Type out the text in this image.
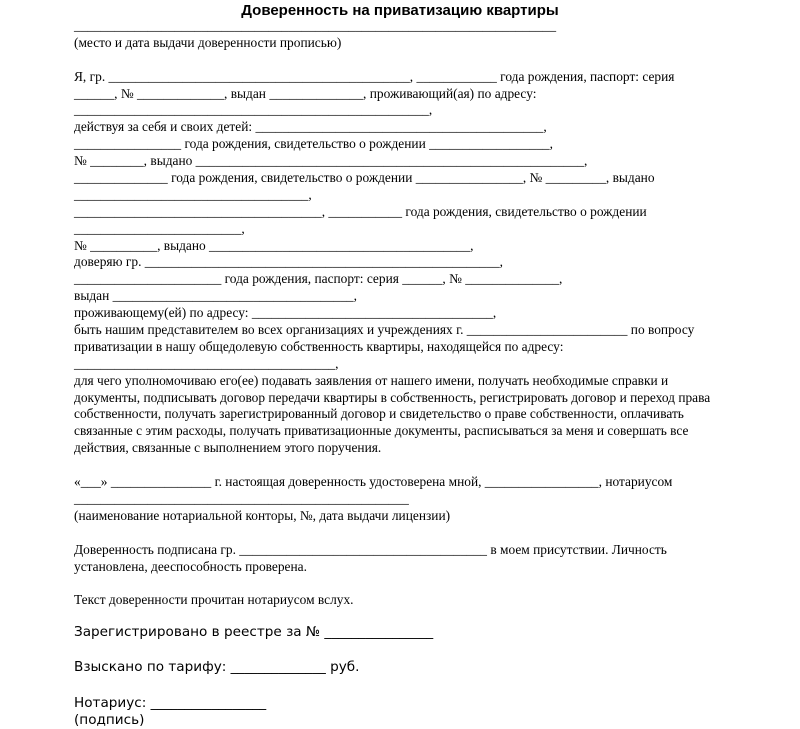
Доверенность на приватизацию квартиры
________________________________________________________________________
(место и дата выдачи доверенности прописью)
Я, гр. _____________________________________________, ____________ года рождения, паспорт: серия
______, № _____________, выдан ______________, проживающий(ая) по адресу:
_____________________________________________________,
действуя за себя и своих детей: ___________________________________________,
________________ года рождения, свидетельство о рождении __________________,
№ ________, выдано __________________________________________________________,
______________ года рождения, свидетельство о рождении ________________, № _________, выдано
___________________________________,
_____________________________________, ___________ года рождения, свидетельство о рождении
_________________________,
№ __________, выдано _______________________________________,
доверяю гр. _____________________________________________________,
______________________ года рождения, паспорт: серия ______, № ______________,
выдан ____________________________________,
проживающему(ей) по адресу: ____________________________________,
быть нашим представителем во всех организациях и учреждениях г. ________________________ по вопросу
приватизации в нашу общедолевую собственность квартиры, находящейся по адресу:
_______________________________________,
для чего уполномочиваю его(ее) подавать заявления от нашего имени, получать необходимые справки и
документы, подписывать договор передачи квартиры в собственность, регистрировать договор и переход права
собственности, получать зарегистрированный договор и свидетельство о праве собственности, оплачивать
связанные с этим расходы, получать приватизационные документы, расписываться за меня и совершать все
действия, связанные с выполнением этого поручения.
«___» _______________ г. настоящая доверенность удостоверена мной, _________________, нотариусом
__________________________________________________
(наименование нотариальной конторы, №, дата выдачи лицензии)
Доверенность подписана гр. _____________________________________ в моем присутствии. Личность
установлена, дееспособность проверена.
Текст доверенности прочитан нотариусом вслух.
Зарегистрировано в реестре за № ________________
Взыскано по тарифу: ______________ руб.
Нотариус: _________________
(подпись)
